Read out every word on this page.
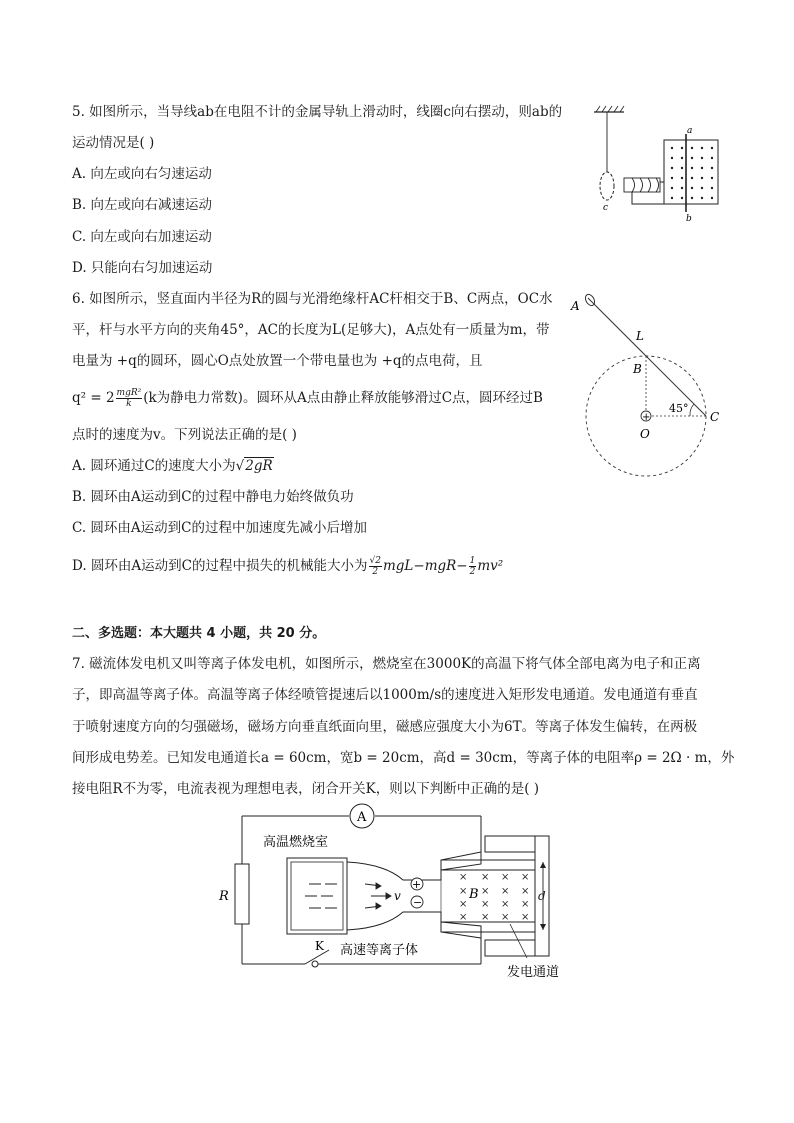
5. 如图所示，当导线ab在电阻不计的金属导轨上滑动时，线圈c向右摆动，则ab的
运动情况是( )
A. 向左或向右匀速运动
B. 向左或向右减速运动
C. 向左或向右加速运动
D. 只能向右匀加速运动
c
a
b
6. 如图所示，竖直面内半径为R的圆与光滑绝缘杆AC杆相交于B、C两点，OC水
平，杆与水平方向的夹角45°，AC的长度为L(足够大)，A点处有一质量为m，带
电量为 +q的圆环，圆心O点处放置一个带电量也为 +q的点电荷，且
$q^2 = 2 \frac{\text{mgR²}}{k} (k$为静电力常数)。圆环从A点由静止释放能够滑过C点，圆环经过B
点时的速度为v。下列说法正确的是( )
A. 圆环通过C的速度大小为√2gR
B. 圆环由A运动到C的过程中静电力始终做负功
C. 圆环由A运动到C的过程中加速度先减小后增加
D. 圆环由A运动到C的过程中损失的机械能大小为 $\frac{√2}{2} mgL-mgR- \frac{1}{2} mv^2$
A
L
B
+
O
45°
C
二、多选题：本大题共 4 小题，共 20 分。
7. 磁流体发电机又叫等离子体发电机，如图所示，燃烧室在3000K的高温下将气体全部电离为电子和正离
子，即高温等离子体。高温等离子体经喷管提速后以1000m/s的速度进入矩形发电通道。发电通道有垂直
于喷射速度方向的匀强磁场，磁场方向垂直纸面向里，磁感应强度大小为6T。等离子体发生偏转，在两极
间形成电势差。已知发电通道长a = 60cm，宽b = 20cm，高d = 30cm，等离子体的电阻率ρ = 2Ω · m，外
接电阻R不为零，电流表视为理想电表，闭合开关K，则以下判断中正确的是( )
A
R
K
高温燃烧室
v
+
−
高速等离子体
× × × ×
× × × ×
× × × ×
× × × ×
B	d
发电通道
